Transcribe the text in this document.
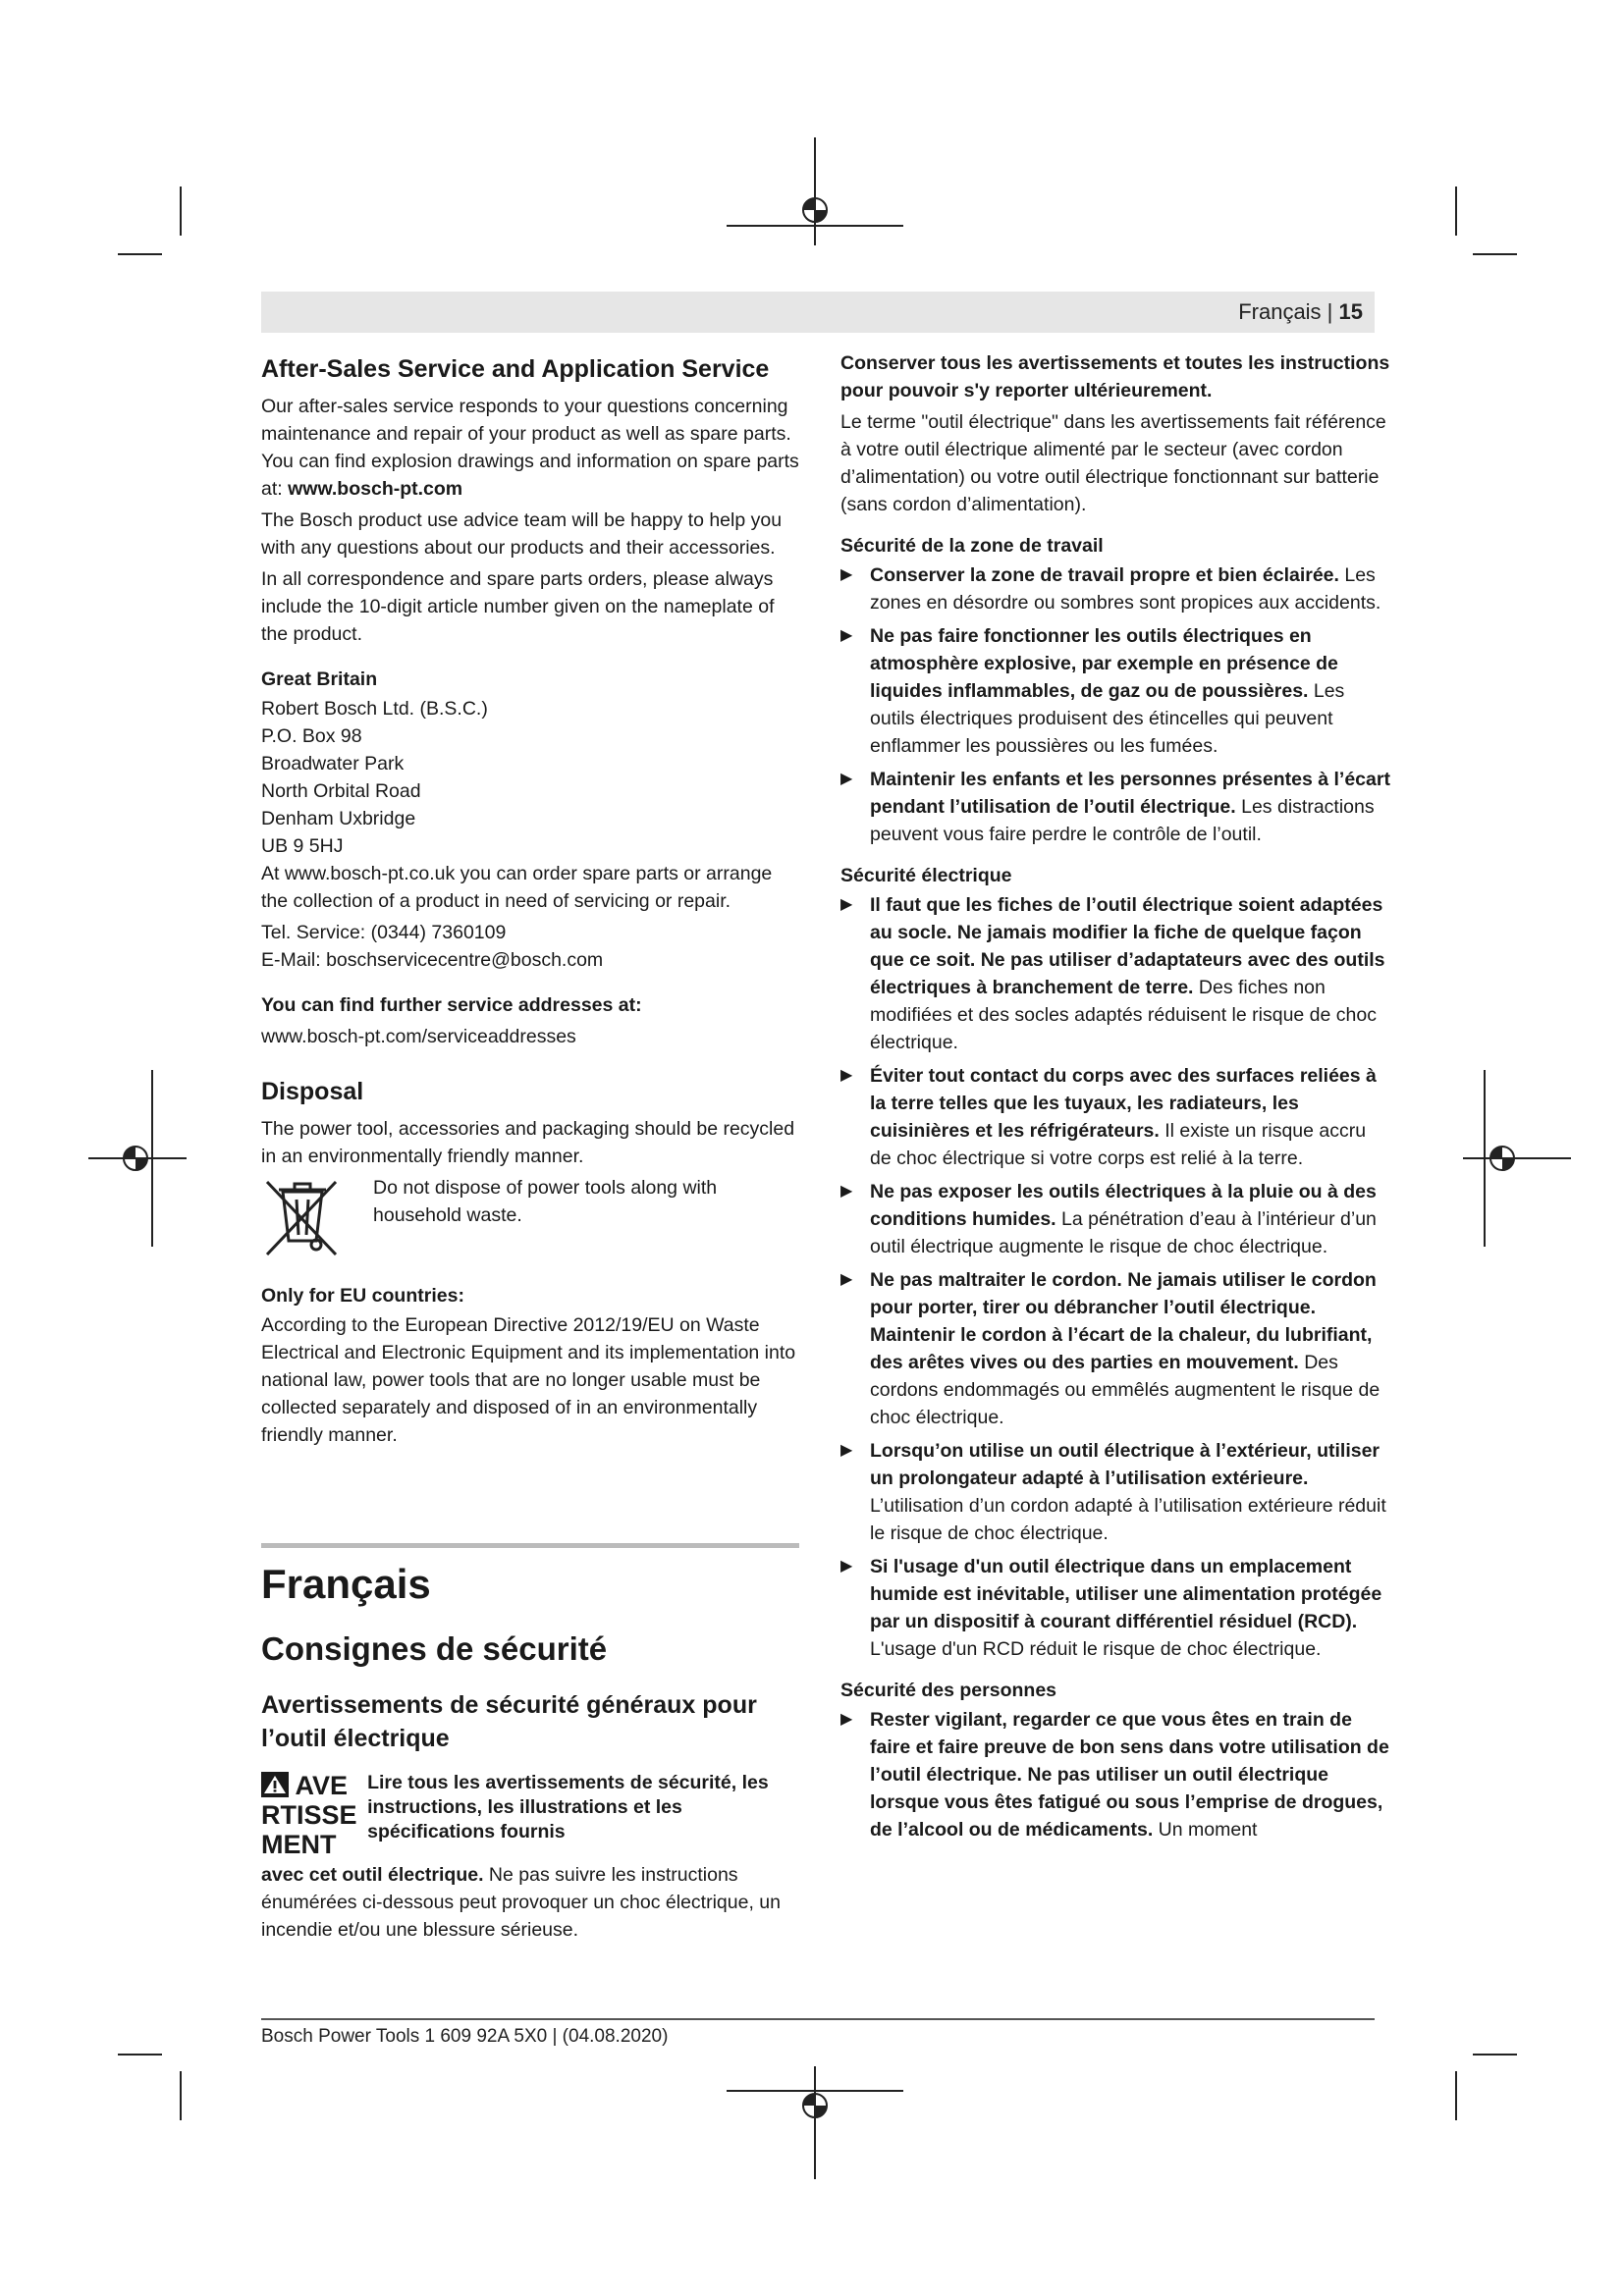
Français | 15
After-Sales Service and Application Service

Our after-sales service responds to your questions concerning maintenance and repair of your product as well as spare parts. You can find explosion drawings and information on spare parts at: www.bosch-pt.com

The Bosch product use advice team will be happy to help you with any questions about our products and their accessories.

In all correspondence and spare parts orders, please always include the 10-digit article number given on the nameplate of the product.

Great Britain
Robert Bosch Ltd. (B.S.C.)
P.O. Box 98
Broadwater Park
North Orbital Road
Denham Uxbridge
UB 9 5HJ

At www.bosch-pt.co.uk you can order spare parts or arrange the collection of a product in need of servicing or repair.

Tel. Service: (0344) 7360109
E-Mail: boschservicecentre@bosch.com
You can find further service addresses at:
www.bosch-pt.com/serviceaddresses
Disposal

The power tool, accessories and packaging should be recycled in an environmentally friendly manner.

Do not dispose of power tools along with household waste.
Only for EU countries:

According to the European Directive 2012/19/EU on Waste Electrical and Electronic Equipment and its implementation into national law, power tools that are no longer usable must be collected separately and disposed of in an environmentally friendly manner.

Français
Consignes de sécurité
Avertissements de sécurité généraux pour l’outil électrique
AVERTISSEMENT
Lire tous les avertissements de sécurité, les instructions, les illustrations et les spécifications fournis

avec cet outil électrique. Ne pas suivre les instructions énumérées ci-dessous peut provoquer un choc électrique, un incendie et/ou une blessure sérieuse.

Conserver tous les avertissements et toutes les instructions pour pouvoir s'y reporter ultérieurement.

Le terme "outil électrique" dans les avertissements fait référence à votre outil électrique alimenté par le secteur (avec cordon d’alimentation) ou votre outil électrique fonctionnant sur batterie (sans cordon d’alimentation).

Sécurité de la zone de travail
▶ Conserver la zone de travail propre et bien éclairée. Les zones en désordre ou sombres sont propices aux accidents.
▶ Ne pas faire fonctionner les outils électriques en atmosphère explosive, par exemple en présence de liquides inflammables, de gaz ou de poussières. Les outils électriques produisent des étincelles qui peuvent enflammer les poussières ou les fumées.
▶ Maintenir les enfants et les personnes présentes à l’écart pendant l’utilisation de l’outil électrique. Les distractions peuvent vous faire perdre le contrôle de l’outil.
Sécurité électrique
▶ Il faut que les fiches de l’outil électrique soient adaptées au socle. Ne jamais modifier la fiche de quelque façon que ce soit. Ne pas utiliser d’adaptateurs avec des outils électriques à branchement de terre. Des fiches non modifiées et des socles adaptés réduisent le risque de choc électrique.
▶ Éviter tout contact du corps avec des surfaces reliées à la terre telles que les tuyaux, les radiateurs, les cuisinières et les réfrigérateurs. Il existe un risque accru de choc électrique si votre corps est relié à la terre.
▶ Ne pas exposer les outils électriques à la pluie ou à des conditions humides. La pénétration d’eau à l’intérieur d’un outil électrique augmente le risque de choc électrique.
▶ Ne pas maltraiter le cordon. Ne jamais utiliser le cordon pour porter, tirer ou débrancher l’outil électrique. Maintenir le cordon à l’écart de la chaleur, du lubrifiant, des arêtes vives ou des parties en mouvement. Des cordons endommagés ou emmêlés augmentent le risque de choc électrique.
▶ Lorsqu’on utilise un outil électrique à l’extérieur, utiliser un prolongateur adapté à l’utilisation extérieure. L’utilisation d’un cordon adapté à l’utilisation extérieure réduit le risque de choc électrique.
▶ Si l'usage d'un outil électrique dans un emplacement humide est inévitable, utiliser une alimentation protégée par un dispositif à courant différentiel résiduel (RCD). L'usage d'un RCD réduit le risque de choc électrique.
Sécurité des personnes
▶ Rester vigilant, regarder ce que vous êtes en train de faire et faire preuve de bon sens dans votre utilisation de l’outil électrique. Ne pas utiliser un outil électrique lorsque vous êtes fatigué ou sous l’emprise de drogues, de l’alcool ou de médicaments. Un moment
Bosch Power Tools 1 609 92A 5X0 | (04.08.2020)
